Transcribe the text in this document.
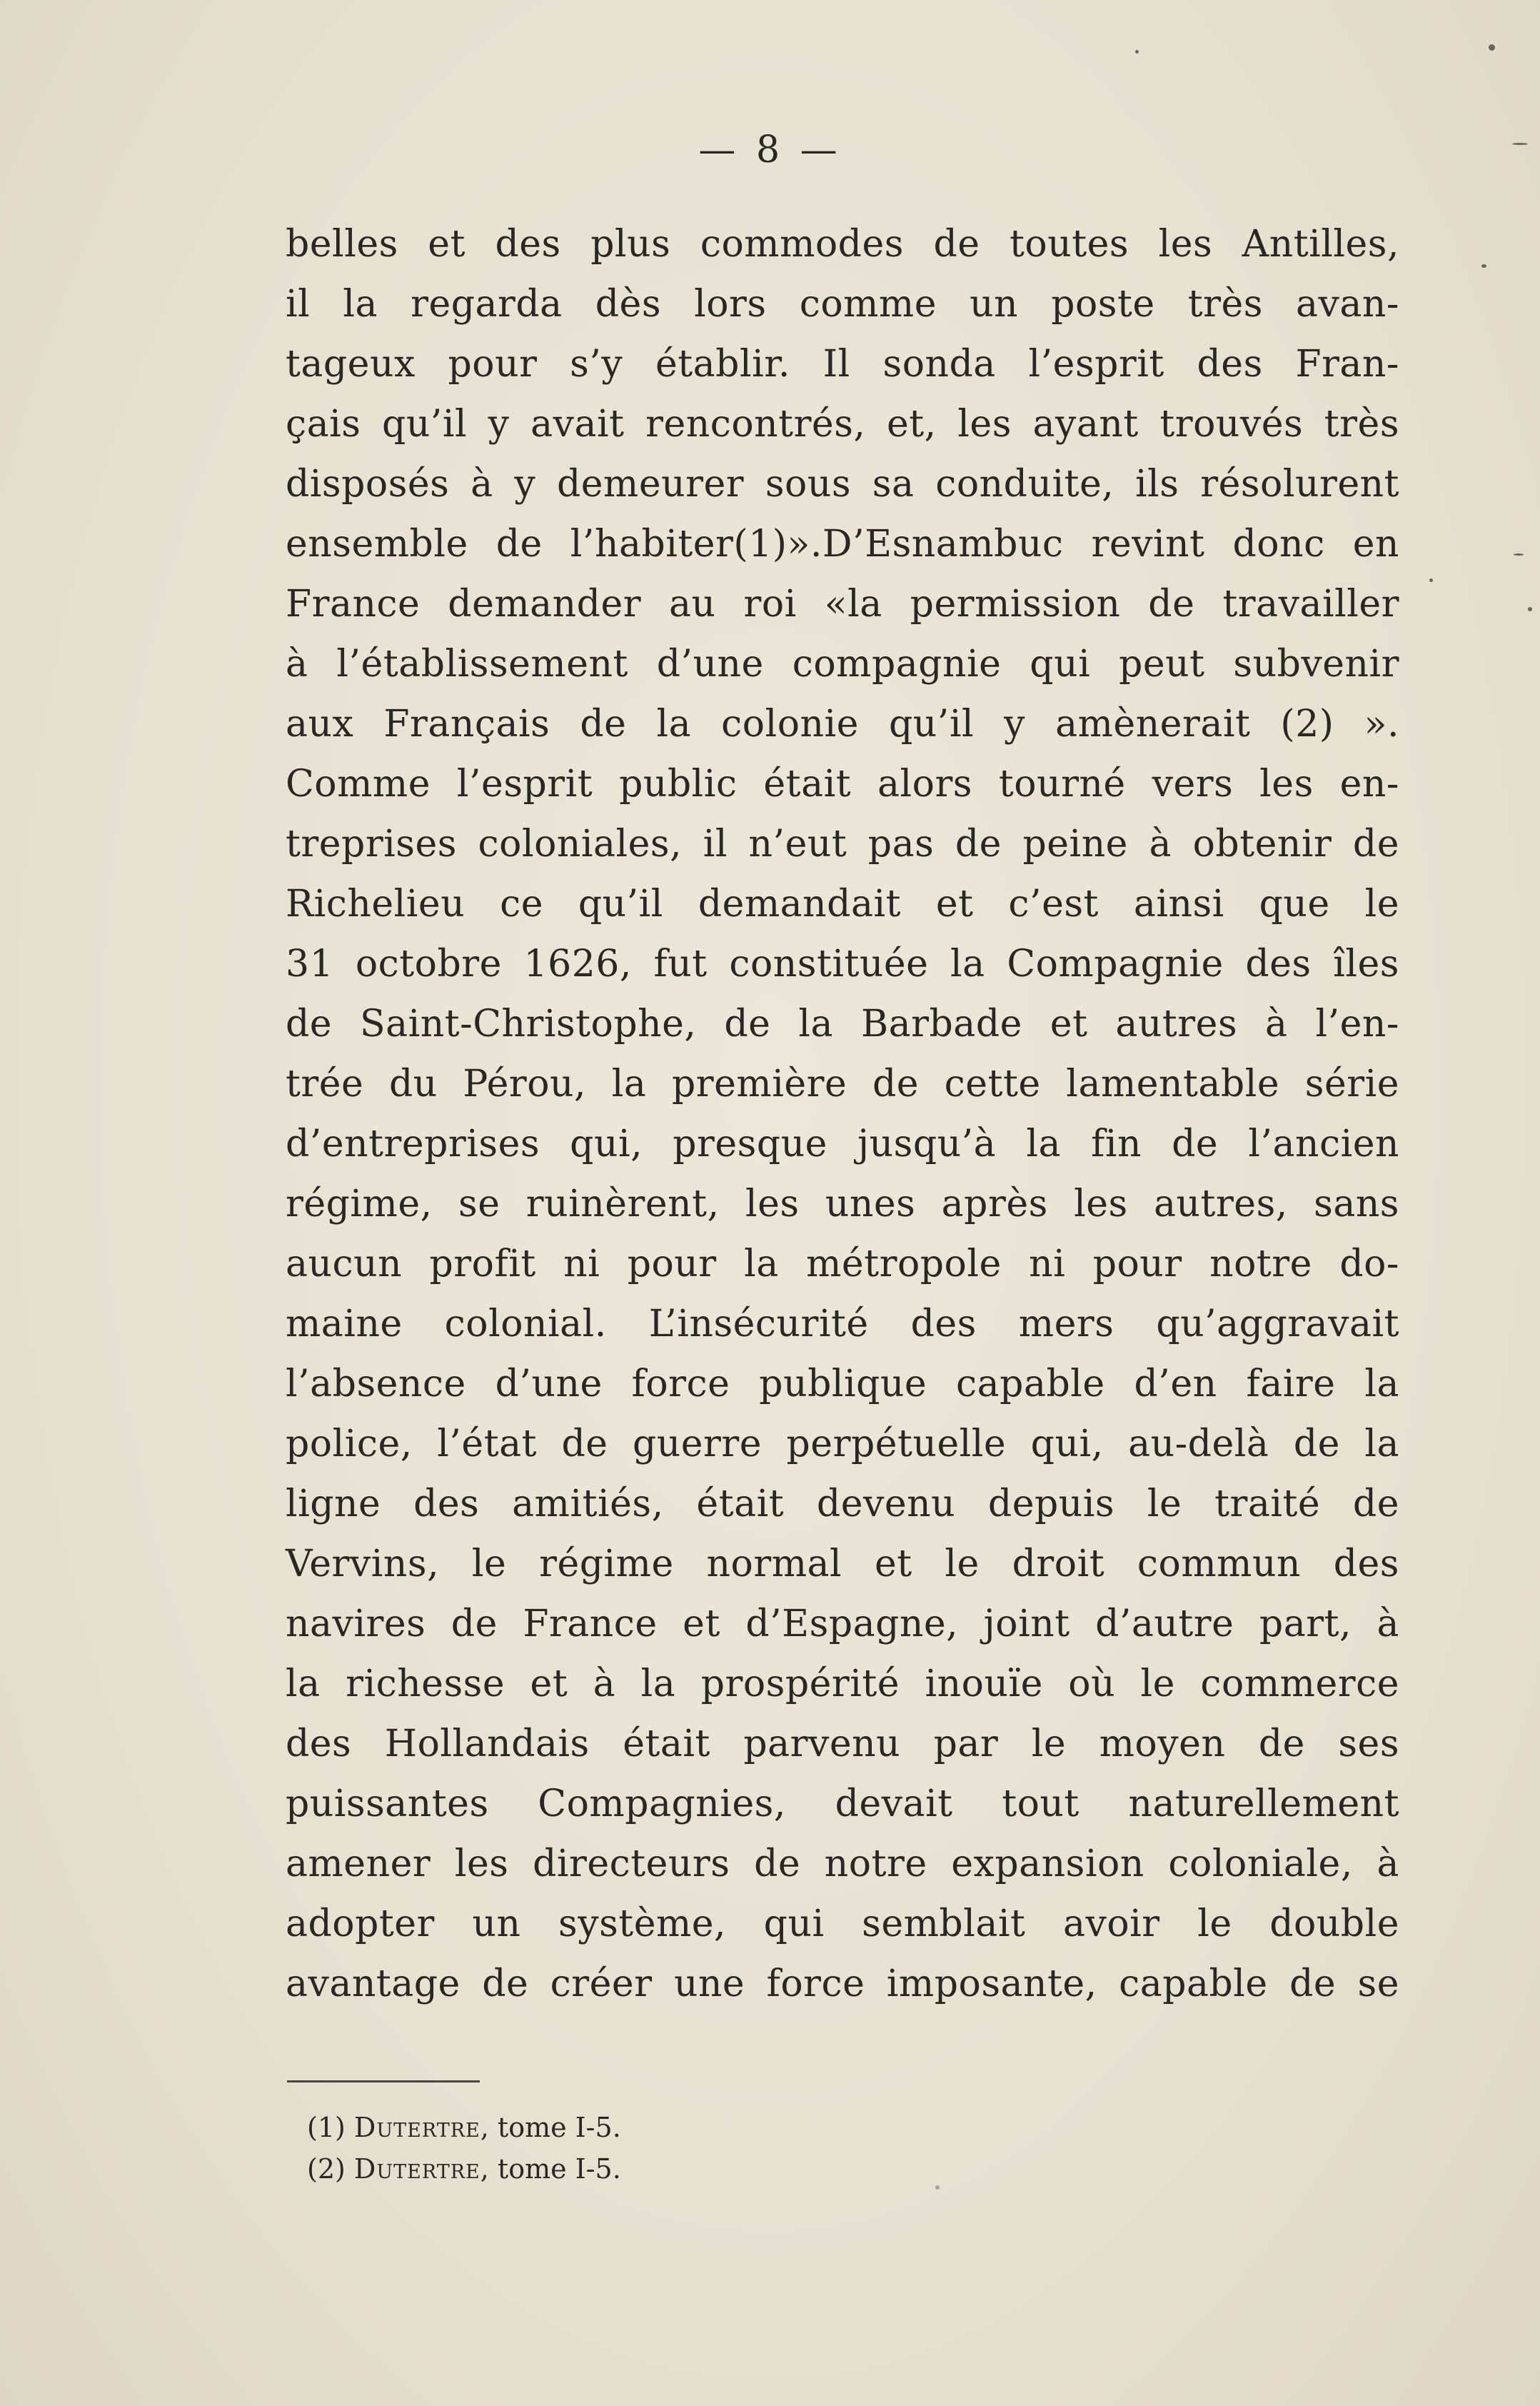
— 8 —
belles et des plus commodes de toutes les Antilles,
il la regarda dès lors comme un poste très avan-
tageux pour s’y établir. Il sonda l’esprit des Fran-
çais qu’il y avait rencontrés, et, les ayant trouvés très
disposés à y demeurer sous sa conduite, ils résolurent
ensemble de l’habiter(1)».D’Esnambuc revint donc en
France demander au roi «la permission de travailler
à l’établissement d’une compagnie qui peut subvenir
aux Français de la colonie qu’il y amènerait (2) ».
Comme l’esprit public était alors tourné vers les en-
treprises coloniales, il n’eut pas de peine à obtenir de
Richelieu ce qu’il demandait et c’est ainsi que le
31 octobre 1626, fut constituée la Compagnie des îles
de Saint-Christophe, de la Barbade et autres à l’en-
trée du Pérou, la première de cette lamentable série
d’entreprises qui, presque jusqu’à la fin de l’ancien
régime, se ruinèrent, les unes après les autres, sans
aucun profit ni pour la métropole ni pour notre do-
maine colonial. L’insécurité des mers qu’aggravait
l’absence d’une force publique capable d’en faire la
police, l’état de guerre perpétuelle qui, au-delà de la
ligne des amitiés, était devenu depuis le traité de
Vervins, le régime normal et le droit commun des
navires de France et d’Espagne, joint d’autre part, à
la richesse et à la prospérité inouïe où le commerce
des Hollandais était parvenu par le moyen de ses
puissantes Compagnies, devait tout naturellement
amener les directeurs de notre expansion coloniale, à
adopter un système, qui semblait avoir le double
avantage de créer une force imposante, capable de se
(1) Dutertre, tome I-5.
(2) Dutertre, tome I-5.
